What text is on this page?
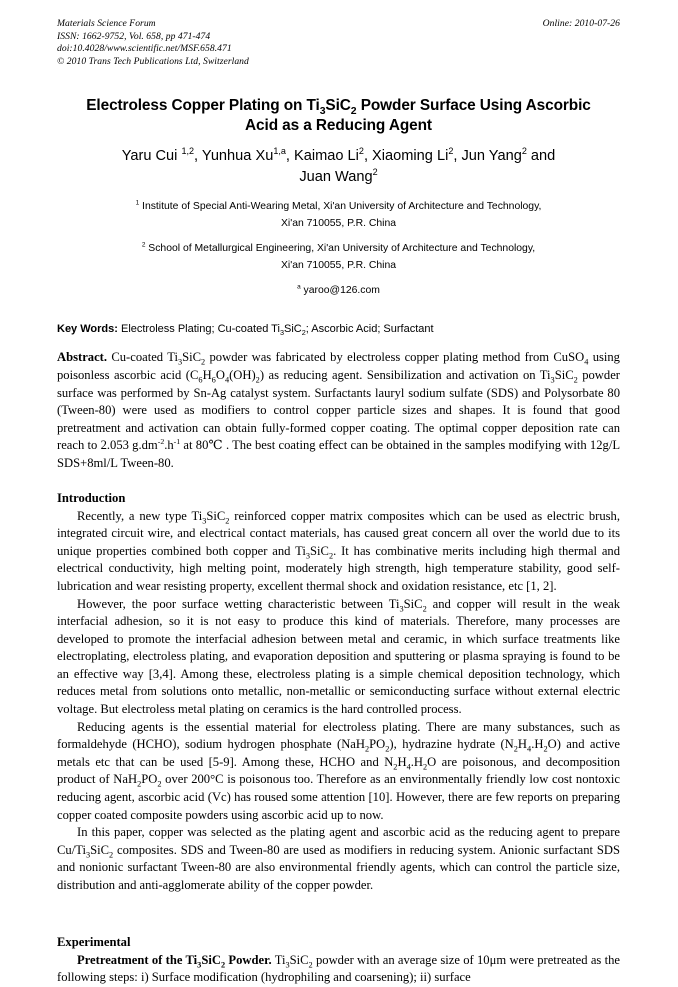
Online: 2010-07-26
Materials Science Forum
ISSN: 1662-9752, Vol. 658, pp 471-474
doi:10.4028/www.scientific.net/MSF.658.471
© 2010 Trans Tech Publications Ltd, Switzerland
Electroless Copper Plating on $Ti_3SiC_2$ Powder Surface Using Ascorbic
Acid as a Reducing Agent
Yaru Cui $^{1,2}$, Yunhua Xu$^{1,a}$, Kaimao Li$^2$, Xiaoming Li$^2$, Jun Yang$^2$ and
Juan Wang$^2$
$^1$ Institute of Special Anti-Wearing Metal, Xi'an University of Architecture and Technology,
Xi'an 710055, P.R. China
$^2$ School of Metallurgical Engineering, Xi'an University of Architecture and Technology,
Xi'an 710055, P.R. China
$^a$ yaroo@126.com
Key Words: Electroless Plating; Cu-coated $Ti_3SiC_2$; Ascorbic Acid; Surfactant
Abstract. Cu-coated $Ti_3SiC_2$ powder was fabricated by electroless copper plating method from CuSO$_4$ using poisonless ascorbic acid $(C_6H_6O_4(OH)_2)$ as reducing agent. Sensibilization and activation on $Ti_3SiC_2$ powder surface was performed by Sn-Ag catalyst system. Surfactants lauryl sodium sulfate (SDS) and Polysorbate 80 (Tween-80) were used as modifiers to control copper particle sizes and shapes. It is found that good pretreatment and activation can obtain fully-formed copper coating. The optimal copper deposition rate can reach to 2.053 $g.dm^{-2}.h^{-1}$ at 80℃ . The best coating effect can be obtained in the samples modifying with 12g/L SDS+8ml/L Tween-80.
Introduction

Recently, a new type $Ti_3SiC_2$ reinforced copper matrix composites which can be used as electric brush, integrated circuit wire, and electrical contact materials, has caused great concern all over the world due to its unique properties combined both copper and $Ti_3SiC_2$. It has combinative merits including high thermal and electrical conductivity, high melting point, moderately high strength, high temperature stability, good self-lubrication and wear resisting property, excellent thermal shock and oxidation resistance, etc [1, 2].

However, the poor surface wetting characteristic between $Ti_3SiC_2$ and copper will result in the weak interfacial adhesion, so it is not easy to produce this kind of materials. Therefore, many processes are developed to promote the interfacial adhesion between metal and ceramic, in which surface treatments like electroplating, electroless plating, and evaporation deposition and sputtering or plasma spraying is found to be an effective way [3,4]. Among these, electroless plating is a simple chemical deposition technology, which reduces metal from solutions onto metallic, non-metallic or semiconducting surface without external electric voltage. But electroless metal plating on ceramics is the hard controlled process.

Reducing agents is the essential material for electroless plating. There are many substances, such as formaldehyde (HCHO), sodium hydrogen phosphate $(NaH_2PO_2)$, hydrazine hydrate $(N_2H_4.H_2O)$ and active metals etc that can be used [5-9]. Among these, HCHO and $N_2H_4.H_2O$ are poisonous, and decomposition product of $NaH_2PO_2$ over 200°C is poisonous too. Therefore as an environmentally friendly low cost nontoxic reducing agent, ascorbic acid (Vc) has roused some attention [10]. However, there are few reports on preparing copper coated composite powders using ascorbic acid up to now.

In this paper, copper was selected as the plating agent and ascorbic acid as the reducing agent to prepare $Cu/Ti_3SiC_2$ composites. SDS and Tween-80 are used as modifiers in reducing system. Anionic surfactant SDS and nonionic surfactant Tween-80 are also environmental friendly agents, which can control the particle size, distribution and anti-agglomerate ability of the copper powder.

Experimental

Pretreatment of the $Ti_3SiC_2$ Powder. $Ti_3SiC_2$ powder with an average size of 10μm were pretreated as the following steps: i) Surface modification (hydrophiling and coarsening); ii) surface
